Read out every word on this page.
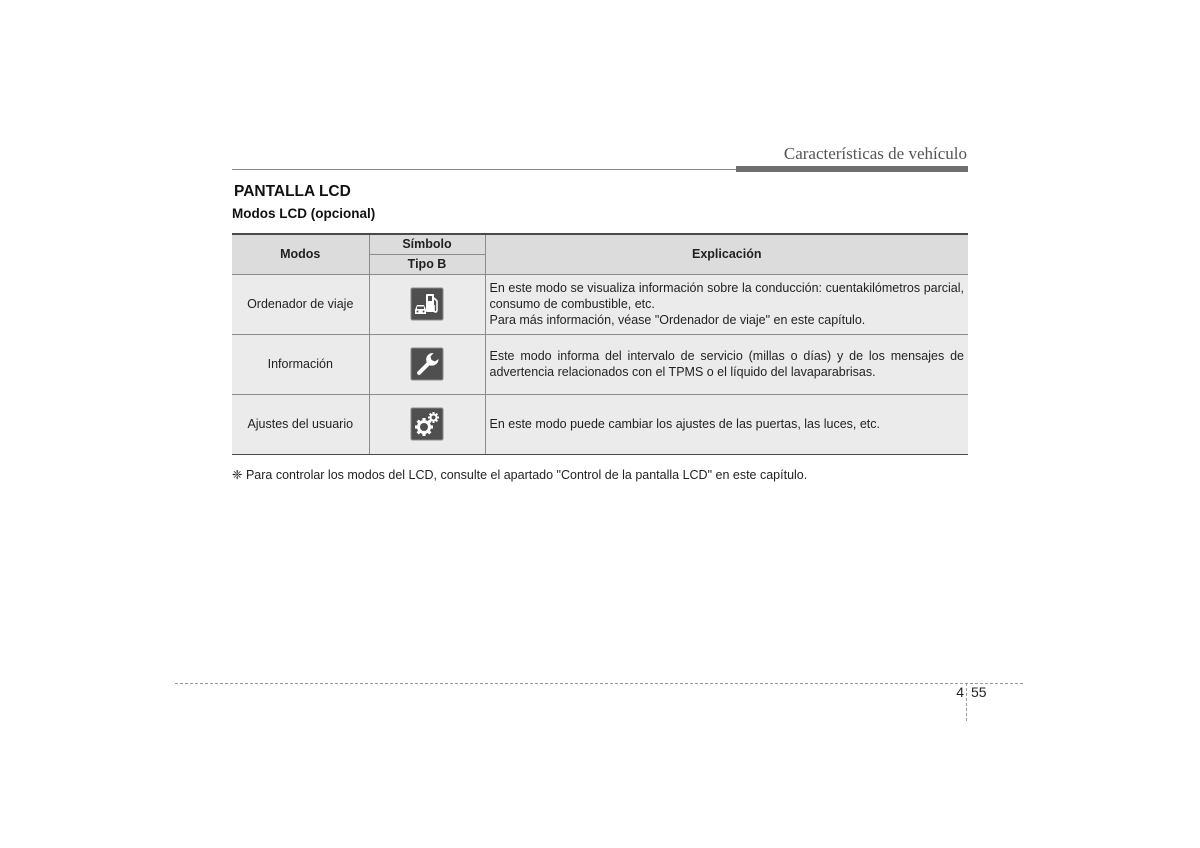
Características de vehículo
PANTALLA LCD
Modos LCD (opcional)
Modos	Símbolo	Explicación
	Tipo B	
Ordenador de viaje		En este modo se visualiza información sobre la conducción: cuentakilómetros parcial, consumo de combustible, etc.
Para más información, véase "Ordenador de viaje" en este capítulo.

Información		Este modo informa del intervalo de servicio (millas o días) y de los mensajes de advertencia relacionados con el TPMS o el líquido del lavaparabrisas.

Ajustes del usuario		En este modo puede cambiar los ajustes de las puertas, las luces, etc.
❈ Para controlar los modos del LCD, consulte el apartado "Control de la pantalla LCD" en este capítulo.
4 55
